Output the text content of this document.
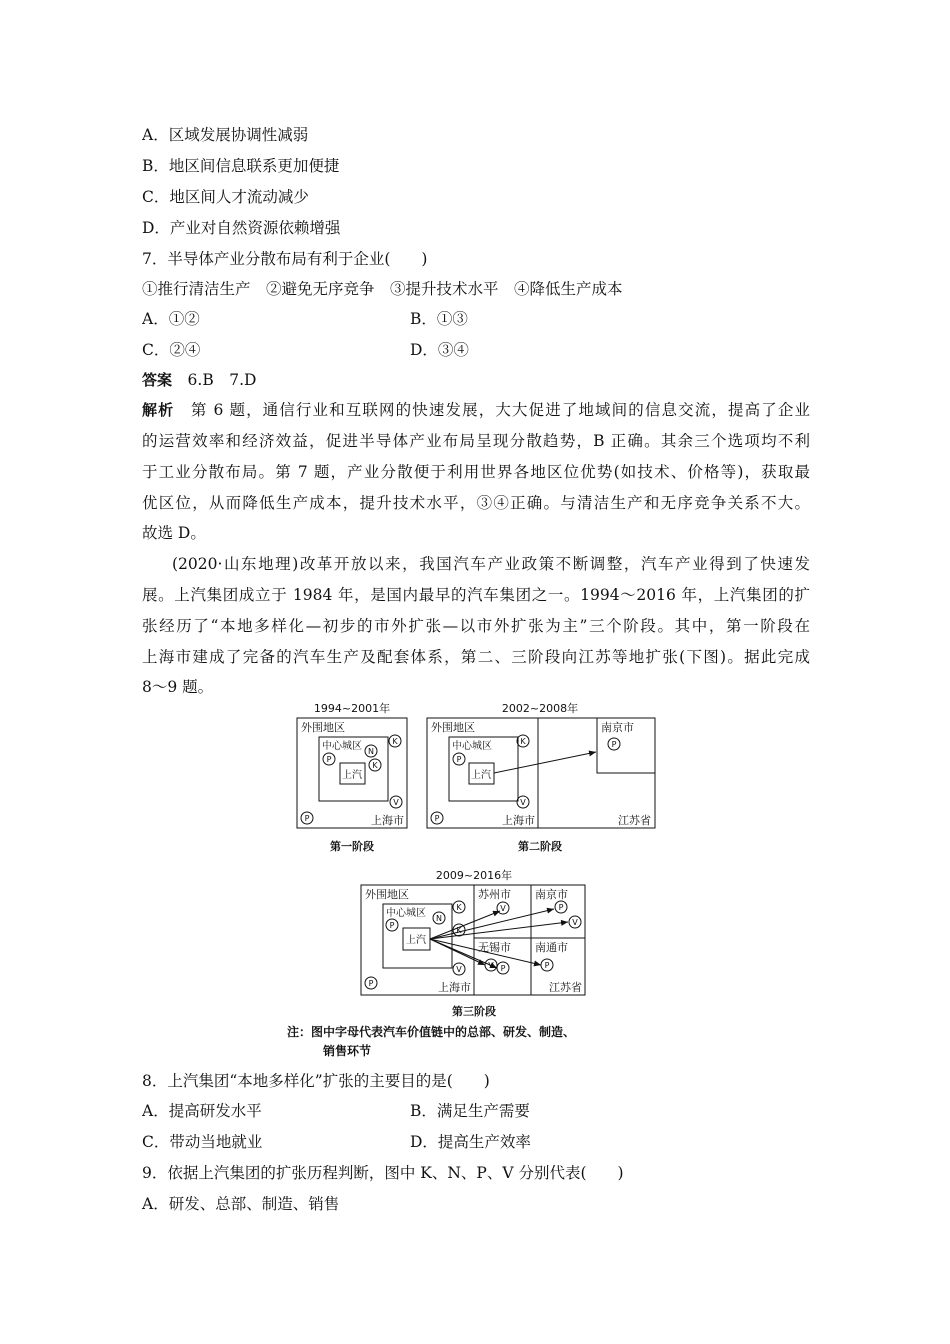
A．区域发展协调性减弱
B．地区间信息联系更加便捷
C．地区间人才流动减少
D．产业对自然资源依赖增强
7．半导体产业分散布局有利于企业(　　)
①推行清洁生产　②避免无序竞争　③提升技术水平　④降低生产成本
A．①②	B．①③
C．②④	D．③④
答案　 6.B　7.D
解析　 第 6 题，通信行业和互联网的快速发展，大大促进了地域间的信息交流，提高了企业
的运营效率和经济效益，促进半导体产业布局呈现分散趋势，B 正确。其余三个选项均不利
于工业分散布局。第 7 题，产业分散便于利用世界各地区位优势(如技术、价格等)，获取最
优区位，从而降低生产成本，提升技术水平，③④正确。与清洁生产和无序竞争关系不大。
故选 D。
(2020·山东地理)改革开放以来，我国汽车产业政策不断调整，汽车产业得到了快速发
展。上汽集团成立于 1984 年，是国内最早的汽车集团之一。1994～2016 年，上汽集团的扩
张经历了“本地多样化—初步的市外扩张—以市外扩张为主”三个阶段。其中，第一阶段在
上海市建成了完备的汽车生产及配套体系，第二、三阶段向江苏等地扩张(下图)。据此完成
8～9 题。
K
N
P
K
V
P
K
P
V
P
P
K
N
P
K
V
P
V	P
V
V P	P
1994~2001年
外围地区
中心城区
上汽
上海市
第一阶段
2002~2008年
外围地区
中心城区
上汽
上海市
南京市
江苏省
第二阶段
2009~2016年
外围地区
中心城区
上汽
上海市
苏州市 南京市
无锡市 南通市
江苏省
第三阶段
注：图中字母代表汽车价值链中的总部、研发、制造、
销售环节
8．上汽集团“本地多样化”扩张的主要目的是(　　)
A．提高研发水平	B．满足生产需要
C．带动当地就业	D．提高生产效率
9．依据上汽集团的扩张历程判断，图中 K、N、P、V 分别代表(　　)
A．研发、总部、制造、销售
